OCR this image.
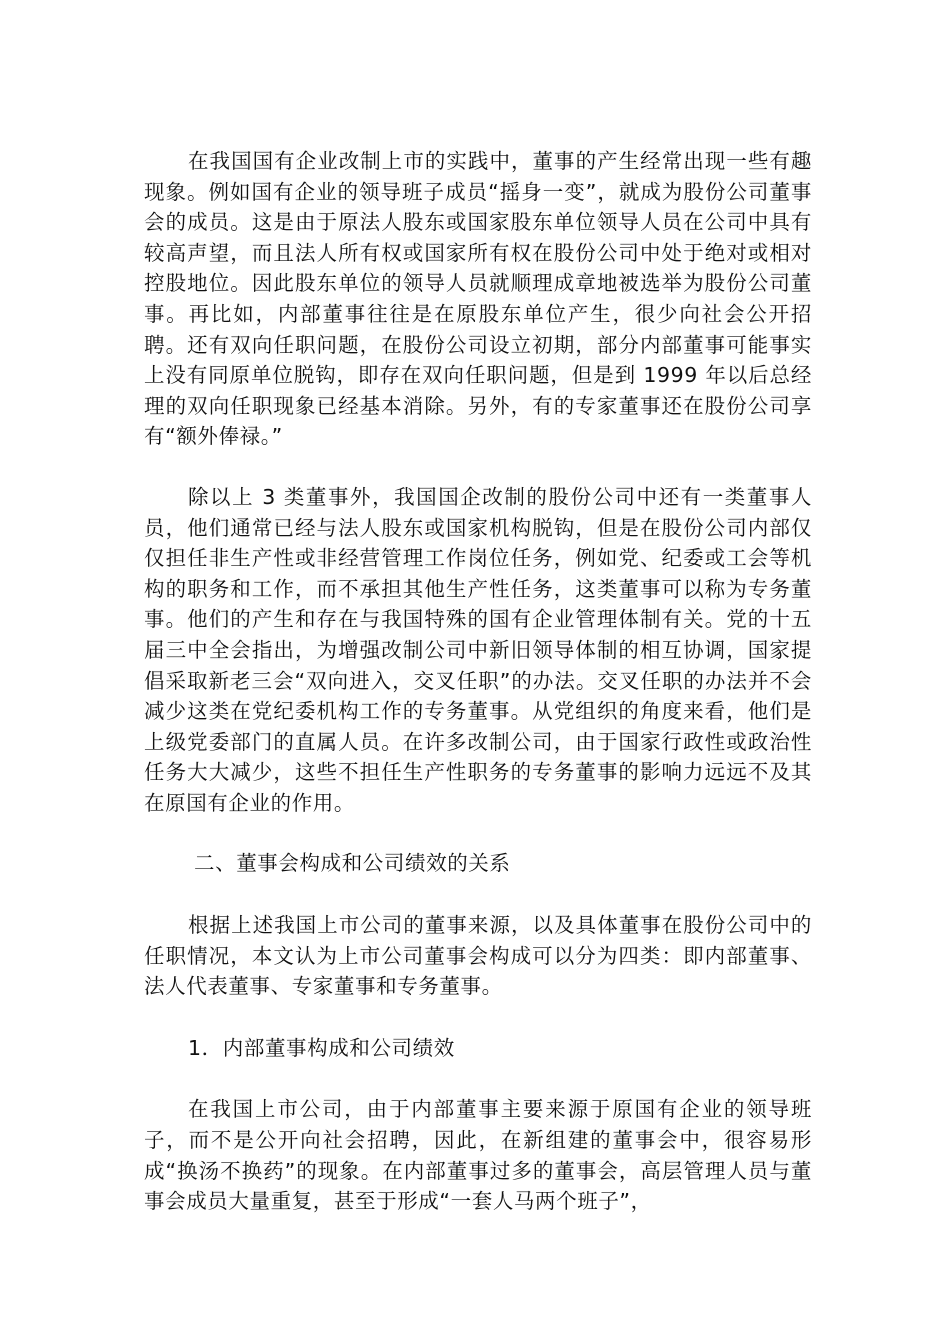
在我国国有企业改制上市的实践中，董事的产生经常出现一些有趣现象。例如国有企业的领导班子成员“摇身一变”，就成为股份公司董事会的成员。这是由于原法人股东或国家股东单位领导人员在公司中具有较高声望，而且法人所有权或国家所有权在股份公司中处于绝对或相对控股地位。因此股东单位的领导人员就顺理成章地被选举为股份公司董事。再比如，内部董事往往是在原股东单位产生，很少向社会公开招聘。还有双向任职问题，在股份公司设立初期，部分内部董事可能事实上没有同原单位脱钩，即存在双向任职问题，但是到 1999 年以后总经理的双向任职现象已经基本消除。另外，有的专家董事还在股份公司享有“额外俸禄。”

除以上 3 类董事外，我国国企改制的股份公司中还有一类董事人员，他们通常已经与法人股东或国家机构脱钩，但是在股份公司内部仅仅担任非生产性或非经营管理工作岗位任务，例如党、纪委或工会等机构的职务和工作，而不承担其他生产性任务，这类董事可以称为专务董事。他们的产生和存在与我国特殊的国有企业管理体制有关。党的十五届三中全会指出，为增强改制公司中新旧领导体制的相互协调，国家提倡采取新老三会“双向进入，交叉任职”的办法。交叉任职的办法并不会减少这类在党纪委机构工作的专务董事。从党组织的角度来看，他们是上级党委部门的直属人员。在许多改制公司，由于国家行政性或政治性任务大大减少，这些不担任生产性职务的专务董事的影响力远远不及其在原国有企业的作用。

二、董事会构成和公司绩效的关系

根据上述我国上市公司的董事来源，以及具体董事在股份公司中的任职情况，本文认为上市公司董事会构成可以分为四类：即内部董事、法人代表董事、专家董事和专务董事。

1．内部董事构成和公司绩效

在我国上市公司，由于内部董事主要来源于原国有企业的领导班子，而不是公开向社会招聘，因此，在新组建的董事会中，很容易形成“换汤不换药”的现象。在内部董事过多的董事会，高层管理人员与董事会成员大量重复，甚至于形成“一套人马两个班子”，
